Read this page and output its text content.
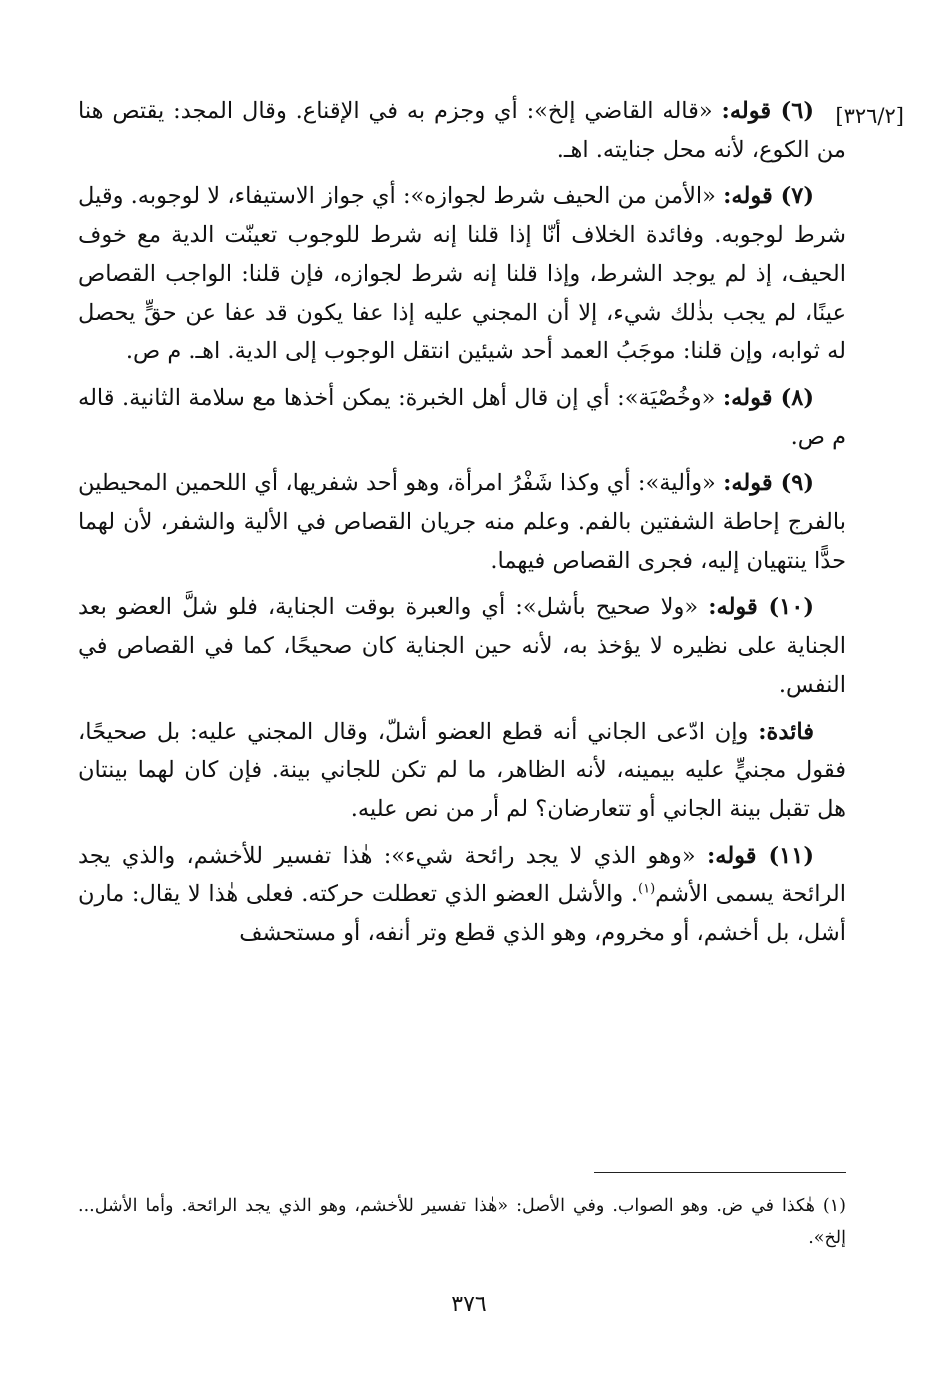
[٣٢٦/٢]

(٦) قوله: «قاله القاضي إلخ»: أي وجزم به في الإقناع. وقال المجد: يقتص هنا من الكوع، لأنه محل جنايته. اهـ.

(٧) قوله: «الأمن من الحيف شرط لجوازه»: أي جواز الاستيفاء، لا لوجوبه. وقيل شرط لوجوبه. وفائدة الخلاف أنّا إذا قلنا إنه شرط للوجوب تعينّت الدية مع خوف الحيف، إذ لم يوجد الشرط، وإذا قلنا إنه شرط لجوازه، فإن قلنا: الواجب القصاص عينًا، لم يجب بذٰلك شيء، إلا أن المجني عليه إذا عفا يكون قد عفا عن حقٍّ يحصل له ثوابه، وإن قلنا: موجَبُ العمد أحد شيئين انتقل الوجوب إلى الدية. اهـ. م ص.

(٨) قوله: «وخُصْيَة»: أي إن قال أهل الخبرة: يمكن أخذها مع سلامة الثانية. قاله م ص.

(٩) قوله: «وألية»: أي وكذا شَفْرُ امرأة، وهو أحد شفريها، أي اللحمين المحيطين بالفرج إحاطة الشفتين بالفم. وعلم منه جريان القصاص في الألية والشفر، لأن لهما حدًّا ينتهيان إليه، فجرى القصاص فيهما.

(١٠) قوله: «ولا صحيح بأشل»: أي والعبرة بوقت الجناية، فلو شلَّ العضو بعد الجناية على نظيره لا يؤخذ به، لأنه حين الجناية كان صحيحًا، كما في القصاص في النفس.

فائدة: وإن ادّعى الجاني أنه قطع العضو أشلّ، وقال المجني عليه: بل صحيحًا، فقول مجنيٍّ عليه بيمينه، لأنه الظاهر، ما لم تكن للجاني بينة. فإن كان لهما بينتان هل تقبل بينة الجاني أو تتعارضان؟ لم أر من نص عليه.

(١١) قوله: «وهو الذي لا يجد رائحة شيء»: هٰذا تفسير للأخشم، والذي يجد الرائحة يسمى الأشم$^{(١)}$. والأشل العضو الذي تعطلت حركته. فعلى هٰذا لا يقال: مارن أشل، بل أخشم، أو مخروم، وهو الذي قطع وتر أنفه، أو مستحشف

(١) هٰكذا في ض. وهو الصواب. وفي الأصل: «هٰذا تفسير للأخشم، وهو الذي يجد الرائحة. وأما الأشل... إلخ».

٣٧٦
